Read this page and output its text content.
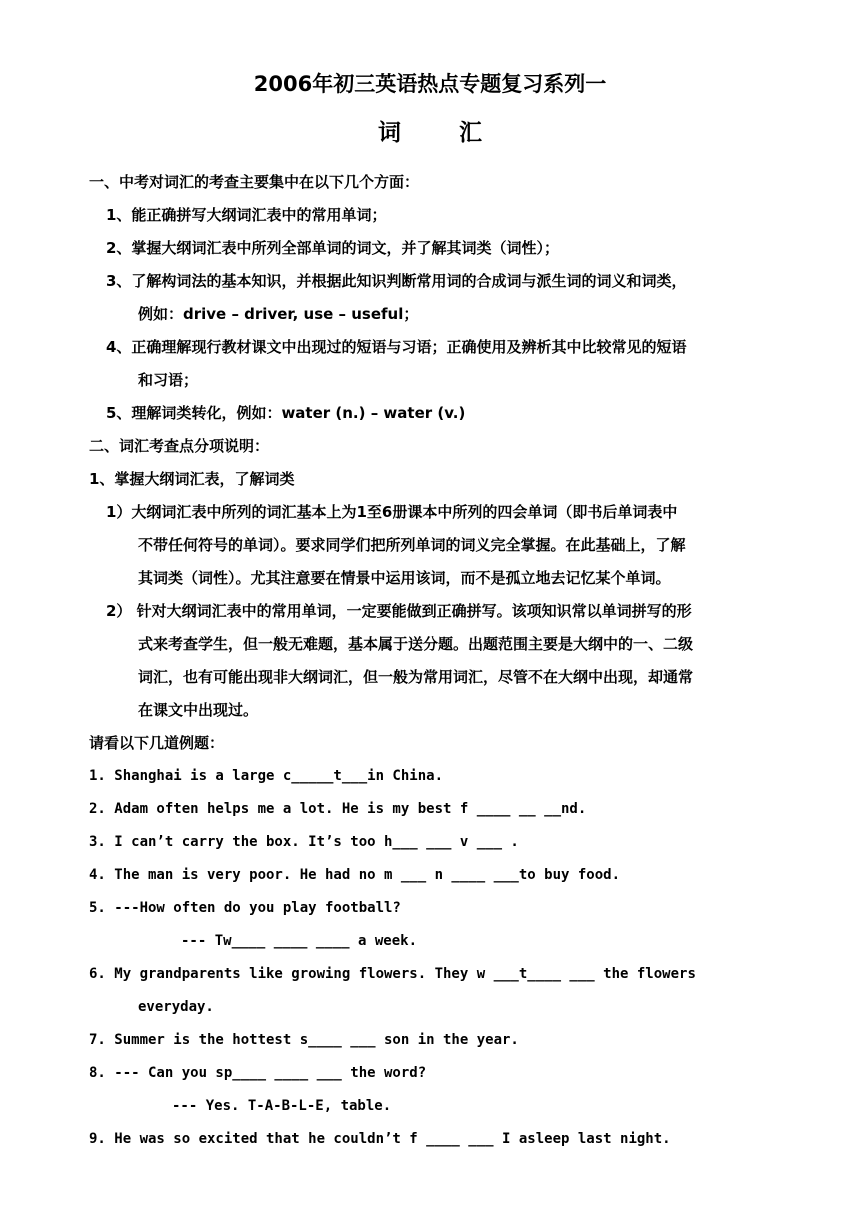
2006年初三英语热点专题复习系列一
词	汇
一、中考对词汇的考查主要集中在以下几个方面：
1、能正确拼写大纲词汇表中的常用单词；
2、掌握大纲词汇表中所列全部单词的词文，并了解其词类（词性）；
3、了解构词法的基本知识，并根据此知识判断常用词的合成词与派生词的词义和词类，
例如：drive – driver, use – useful；
4、正确理解现行教材课文中出现过的短语与习语；正确使用及辨析其中比较常见的短语
和习语；
5、理解词类转化，例如：water (n.) – water (v.)
二、词汇考查点分项说明：
1、掌握大纲词汇表，了解词类
1）大纲词汇表中所列的词汇基本上为1至6册课本中所列的四会单词（即书后单词表中
不带任何符号的单词）。要求同学们把所列单词的词义完全掌握。在此基础上，了解
其词类（词性）。尤其注意要在情景中运用该词，而不是孤立地去记忆某个单词。
2） 针对大纲词汇表中的常用单词，一定要能做到正确拼写。该项知识常以单词拼写的形
式来考查学生，但一般无难题，基本属于送分题。出题范围主要是大纲中的一、二级
词汇，也有可能出现非大纲词汇，但一般为常用词汇，尽管不在大纲中出现，却通常
在课文中出现过。
请看以下几道例题：
1. Shanghai is a large c_____t___in China.
2. Adam often helps me a lot. He is my best f ____ __ __nd.
3. I can’t carry the box. It’s too h___ ___ v ___ .
4. The man is very poor. He had no m ___ n ____ ___to buy food.
5. ---How often do you play football?
--- Tw____ ____ ____ a week.
6. My grandparents like growing flowers. They w ___t____ ___ the flowers
everyday.
7. Summer is the hottest s____ ___ son in the year.
8. --- Can you sp____ ____ ___ the word?
--- Yes. T-A-B-L-E, table.
9. He was so excited that he couldn’t f ____ ___ I asleep last night.
